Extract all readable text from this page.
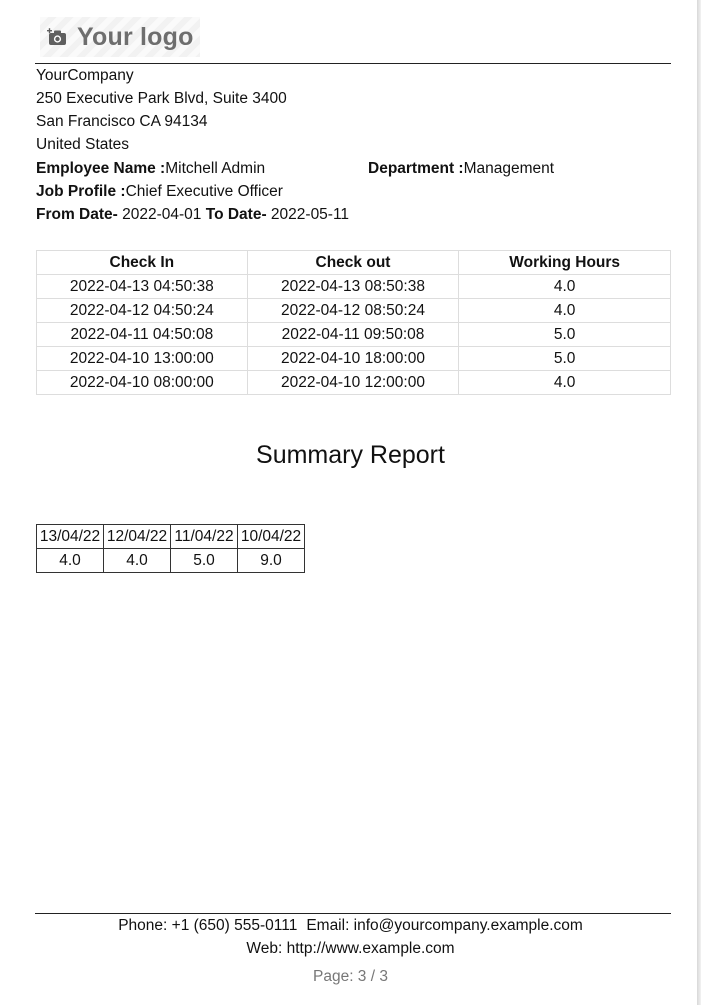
Your logo
YourCompany
250 Executive Park Blvd, Suite 3400
San Francisco CA 94134
United States
Employee Name :Mitchell Admin	Department :Management
Job Profile :Chief Executive Officer
From Date- 2022-04-01 To Date- 2022-05-11
Check In	Check out	Working Hours
2022-04-13 04:50:38	2022-04-13 08:50:38	4.0
2022-04-12 04:50:24	2022-04-12 08:50:24	4.0
2022-04-11 04:50:08	2022-04-11 09:50:08	5.0
2022-04-10 13:00:00	2022-04-10 18:00:00	5.0
2022-04-10 08:00:00	2022-04-10 12:00:00	4.0
Summary Report
13/04/22	12/04/22	11/04/22	10/04/22
4.0	4.0	5.0	9.0
Phone: +1 (650) 555-0111 Email: info@yourcompany.example.com
Web: http://www.example.com
Page: 3 / 3
